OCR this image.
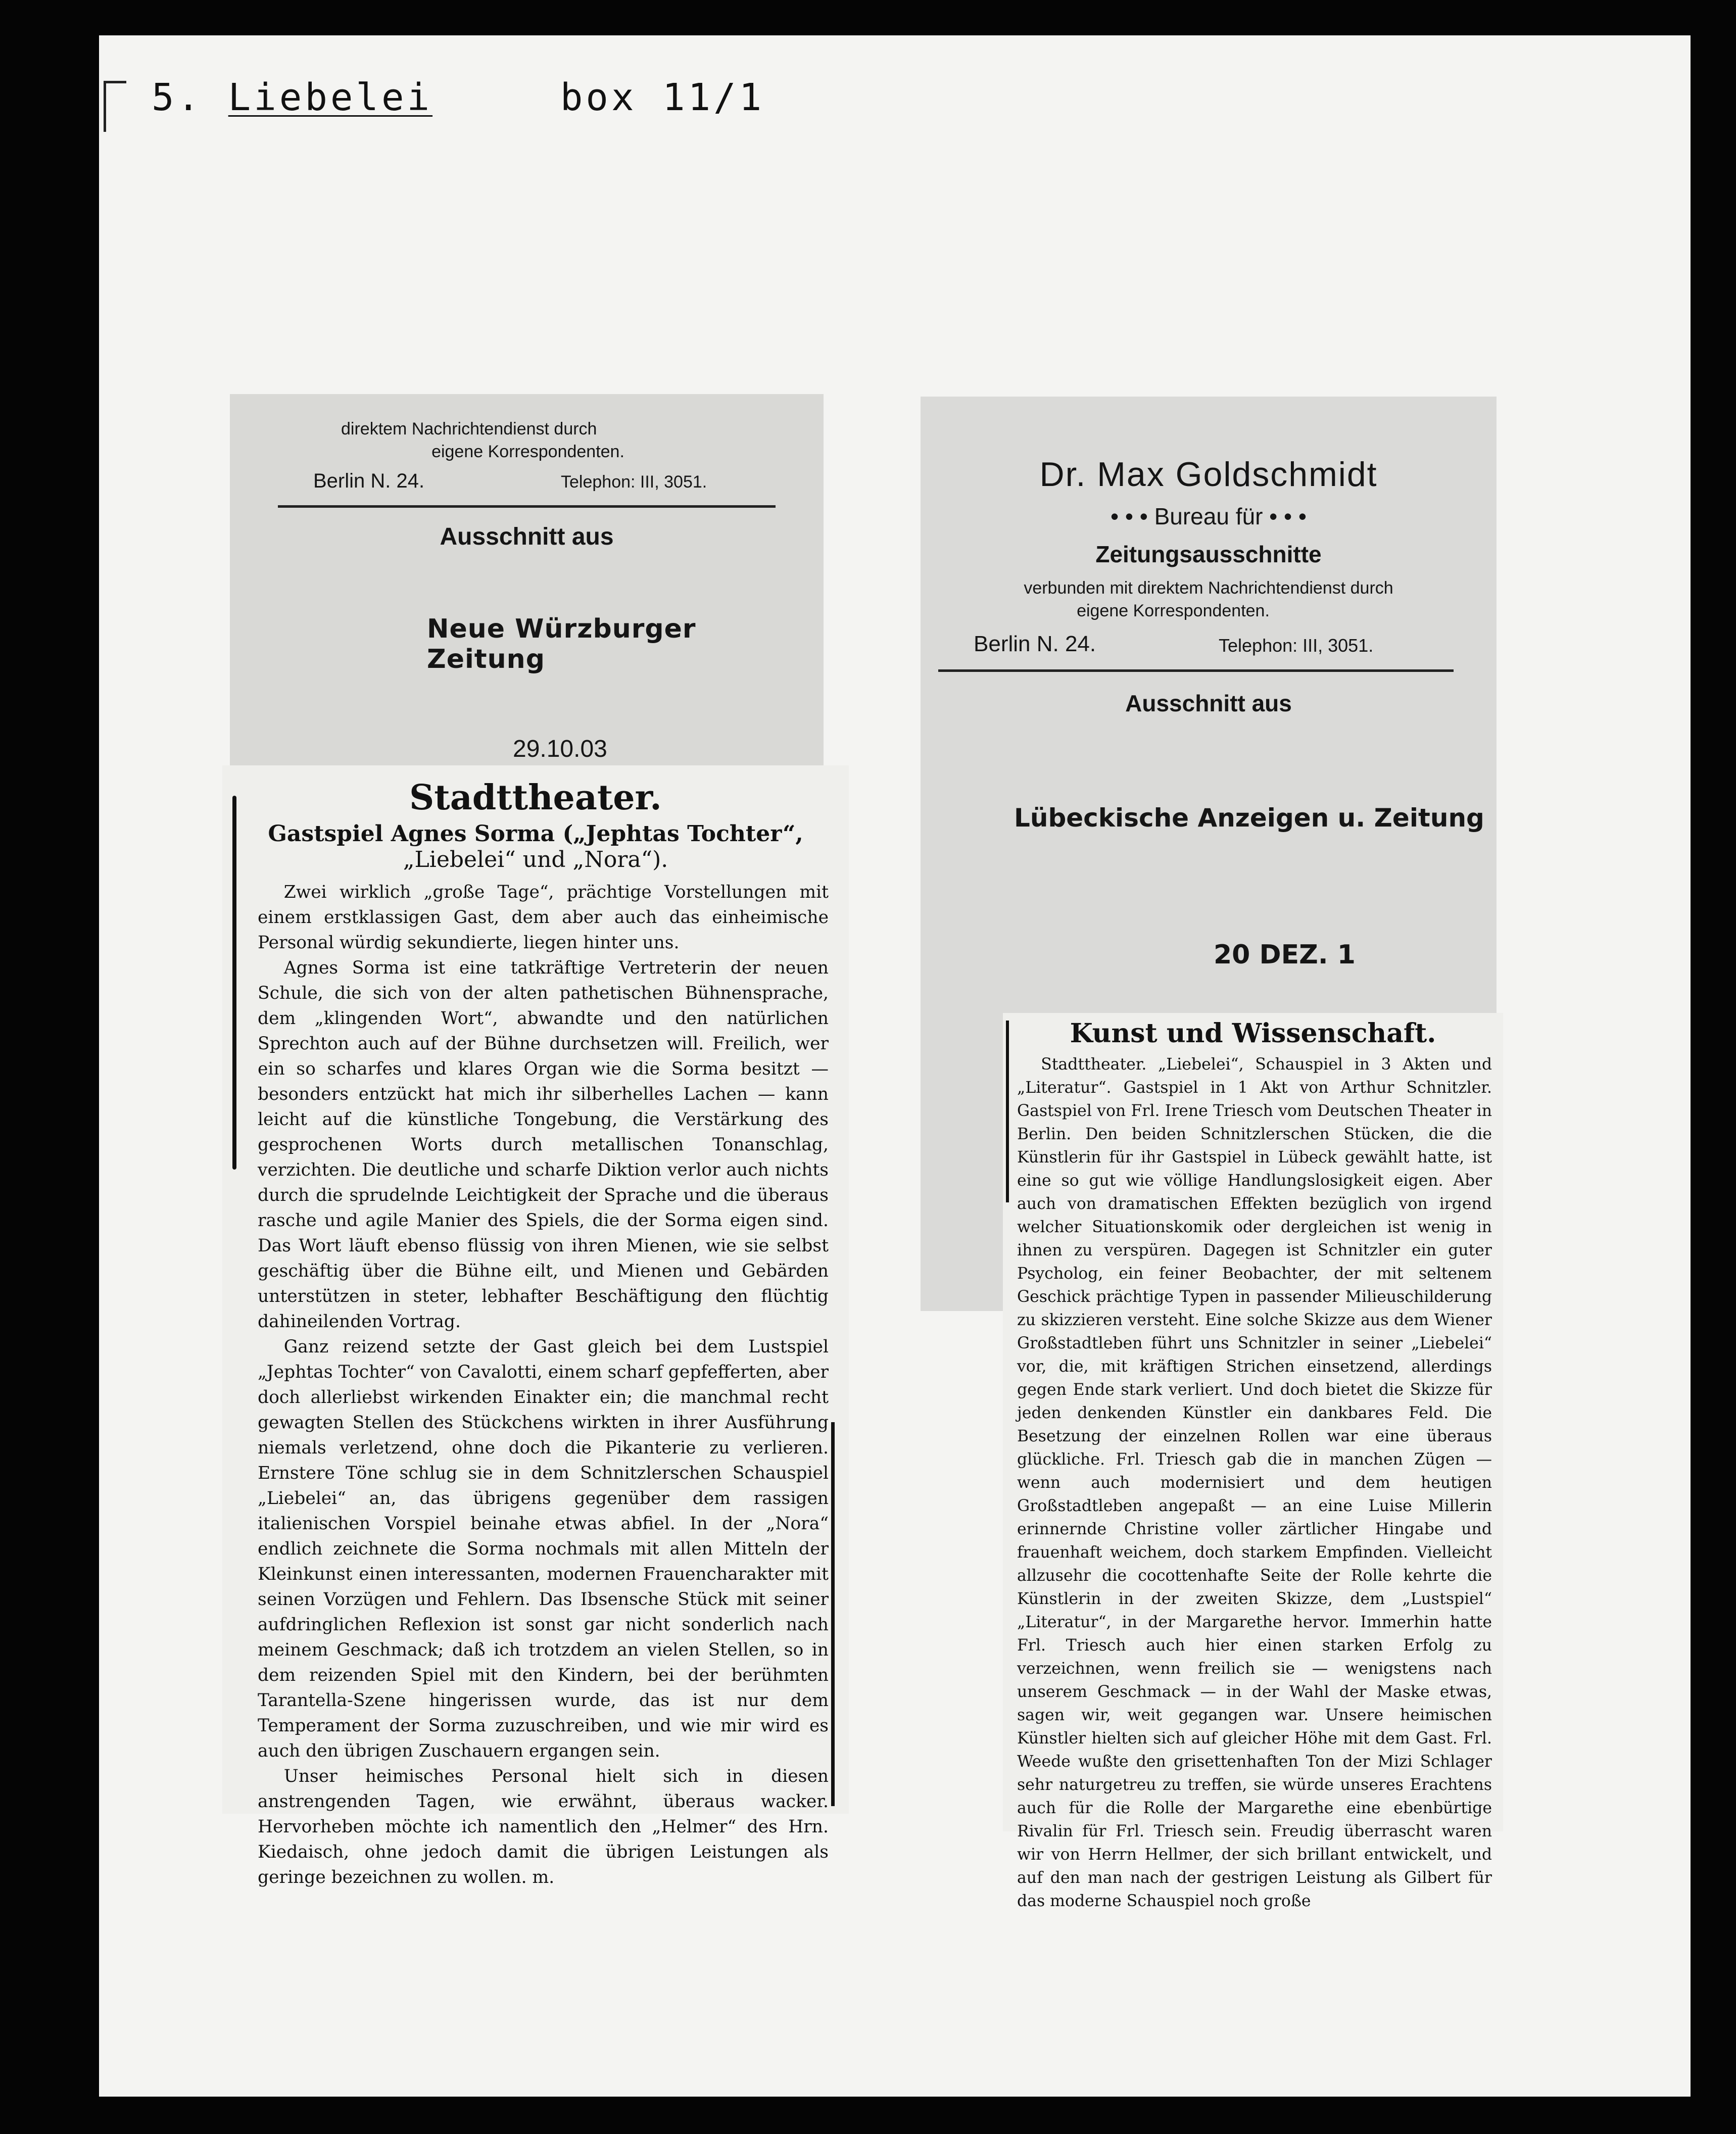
5. Liebelei	box 11/1
direktem Nachrichtendienst durch
eigene Korrespondenten.
Berlin N. 24.	Telephon: III, 3051.
Ausschnitt aus
Neue Würzburger Zeitung
29.10.03
Stadttheater.
Gastspiel Agnes Sorma („Jephtas Tochter“,
„Liebelei“ und „Nora“).

Zwei wirklich „große Tage“, prächtige Vorstellungen mit einem erstklassigen Gast, dem aber auch das einheimische Personal würdig sekundierte, liegen hinter uns.

Agnes Sorma ist eine tatkräftige Vertreterin der neuen Schule, die sich von der alten pathetischen Bühnensprache, dem „klingenden Wort“, abwandte und den natürlichen Sprechton auch auf der Bühne durchsetzen will. Freilich, wer ein so scharfes und klares Organ wie die Sorma besitzt — besonders entzückt hat mich ihr silberhelles Lachen — kann leicht auf die künstliche Tongebung, die Verstärkung des gesprochenen Worts durch metallischen Tonanschlag, verzichten. Die deutliche und scharfe Diktion verlor auch nichts durch die sprudelnde Leichtigkeit der Sprache und die überaus rasche und agile Manier des Spiels, die der Sorma eigen sind. Das Wort läuft ebenso flüssig von ihren Mienen, wie sie selbst geschäftig über die Bühne eilt, und Mienen und Gebärden unterstützen in steter, lebhafter Beschäftigung den flüchtig dahineilenden Vortrag.

Ganz reizend setzte der Gast gleich bei dem Lustspiel „Jephtas Tochter“ von Cavalotti, einem scharf gepfefferten, aber doch allerliebst wirkenden Einakter ein; die manchmal recht gewagten Stellen des Stückchens wirkten in ihrer Ausführung niemals verletzend, ohne doch die Pikanterie zu verlieren. Ernstere Töne schlug sie in dem Schnitzlerschen Schauspiel „Liebelei“ an, das übrigens gegenüber dem rassigen italienischen Vorspiel beinahe etwas abfiel. In der „Nora“ endlich zeichnete die Sorma nochmals mit allen Mitteln der Kleinkunst einen interessanten, modernen Frauencharakter mit seinen Vorzügen und Fehlern. Das Ibsensche Stück mit seiner aufdringlichen Reflexion ist sonst gar nicht sonderlich nach meinem Geschmack; daß ich trotzdem an vielen Stellen, so in dem reizenden Spiel mit den Kindern, bei der berühmten Tarantella-Szene hingerissen wurde, das ist nur dem Temperament der Sorma zuzuschreiben, und wie mir wird es auch den übrigen Zuschauern ergangen sein.

Unser heimisches Personal hielt sich in diesen anstrengenden Tagen, wie erwähnt, überaus wacker. Hervorheben möchte ich namentlich den „Helmer“ des Hrn. Kiedaisch, ohne jedoch damit die übrigen Leistungen als geringe bezeichnen zu wollen. m.

Dr. Max Goldschmidt
• • • Bureau für • • •
Zeitungsausschnitte
verbunden mit direktem Nachrichtendienst durch
eigene Korrespondenten.
Berlin N. 24.	Telephon: III, 3051.
Ausschnitt aus
Lübeckische Anzeigen u. Zeitung
20 DEZ. 1
Kunst und Wissenschaft.

Stadttheater. „Liebelei“, Schauspiel in 3 Akten und „Literatur“. Gastspiel in 1 Akt von Arthur Schnitzler. Gastspiel von Frl. Irene Triesch vom Deutschen Theater in Berlin. Den beiden Schnitzlerschen Stücken, die die Künstlerin für ihr Gastspiel in Lübeck gewählt hatte, ist eine so gut wie völlige Handlungslosigkeit eigen. Aber auch von dramatischen Effekten bezüglich von irgend welcher Situationskomik oder dergleichen ist wenig in ihnen zu verspüren. Dagegen ist Schnitzler ein guter Psycholog, ein feiner Beobachter, der mit seltenem Geschick prächtige Typen in passender Milieuschilderung zu skizzieren versteht. Eine solche Skizze aus dem Wiener Großstadtleben führt uns Schnitzler in seiner „Liebelei“ vor, die, mit kräftigen Strichen einsetzend, allerdings gegen Ende stark verliert. Und doch bietet die Skizze für jeden denkenden Künstler ein dankbares Feld. Die Besetzung der einzelnen Rollen war eine überaus glückliche. Frl. Triesch gab die in manchen Zügen — wenn auch modernisiert und dem heutigen Großstadtleben angepaßt — an eine Luise Millerin erinnernde Christine voller zärtlicher Hingabe und frauenhaft weichem, doch starkem Empfinden. Vielleicht allzusehr die cocottenhafte Seite der Rolle kehrte die Künstlerin in der zweiten Skizze, dem „Lustspiel“ „Literatur“, in der Margarethe hervor. Immerhin hatte Frl. Triesch auch hier einen starken Erfolg zu verzeichnen, wenn freilich sie — wenigstens nach unserem Geschmack — in der Wahl der Maske etwas, sagen wir, weit gegangen war. Unsere heimischen Künstler hielten sich auf gleicher Höhe mit dem Gast. Frl. Weede wußte den grisettenhaften Ton der Mizi Schlager sehr naturgetreu zu treffen, sie würde unseres Erachtens auch für die Rolle der Margarethe eine ebenbürtige Rivalin für Frl. Triesch sein. Freudig überrascht waren wir von Herrn Hellmer, der sich brillant entwickelt, und auf den man nach der gestrigen Leistung als Gilbert für das moderne Schauspiel noch große
